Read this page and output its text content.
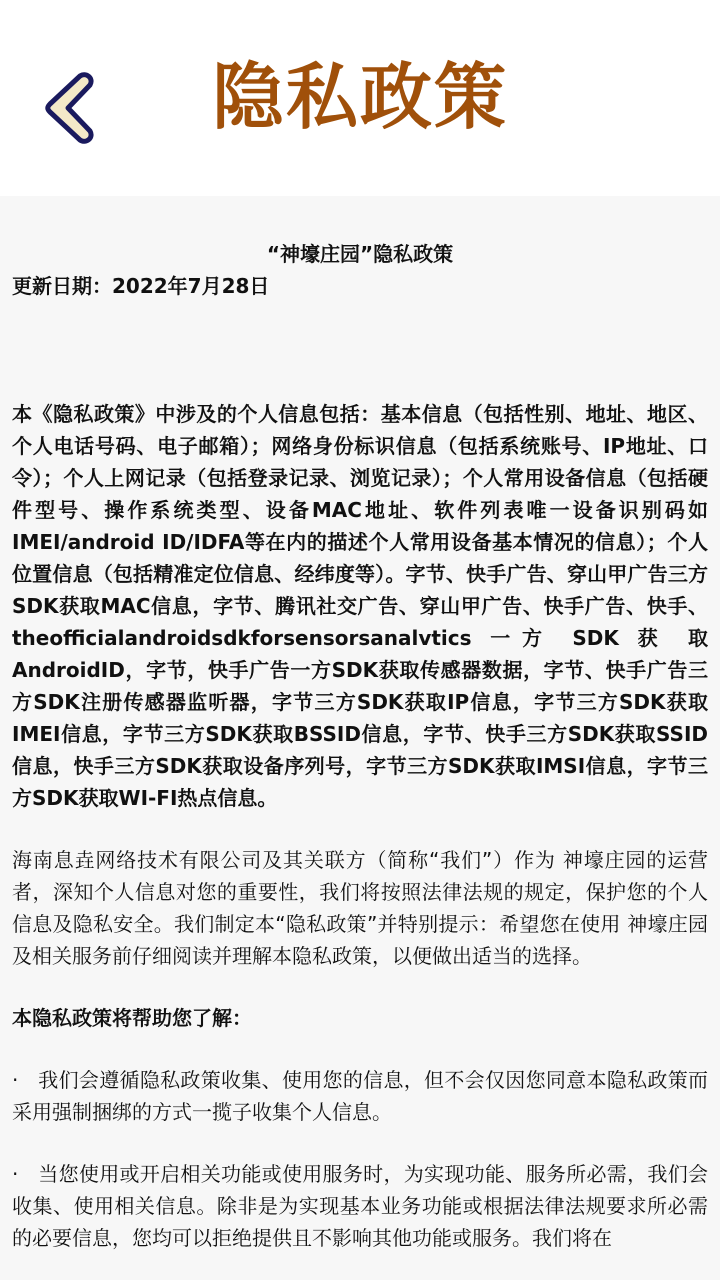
隐私政策

“神壕庄园”隐私政策

更新日期：2022年7月28日

本《隐私政策》中涉及的个人信息包括：基本信息（包括性别、地址、地区、个人电话号码、电子邮箱）；网络身份标识信息（包括系统账号、IP地址、口令）；个人上网记录（包括登录记录、浏览记录）；个人常用设备信息（包括硬件型号、操作系统类型、设备MAC地址、软件列表唯一设备识别码如IMEI/android ID/IDFA等在内的描述个人常用设备基本情况的信息）；个人位置信息（包括精准定位信息、经纬度等）。字节、快手广告、穿山甲广告三方SDK获取MAC信息，字节、腾讯社交广告、穿山甲广告、快手广告、快手、theofficialandroidsdkforsensorsanalvtics 一方 SDK 获 取AndroidID，字节，快手广告一方SDK获取传感器数据，字节、快手广告三方SDK注册传感器监听器，字节三方SDK获取IP信息，字节三方SDK获取IMEI信息，字节三方SDK获取BSSID信息，字节、快手三方SDK获取SSID信息，快手三方SDK获取设备序列号，字节三方SDK获取IMSI信息，字节三方SDK获取WI-FI热点信息。

海南息垚网络技术有限公司及其关联方（简称“我们”）作为 神壕庄园的运营者，深知个人信息对您的重要性，我们将按照法律法规的规定，保护您的个人信息及隐私安全。我们制定本“隐私政策”并特别提示：希望您在使用 神壕庄园及相关服务前仔细阅读并理解本隐私政策，以便做出适当的选择。

本隐私政策将帮助您了解：

· 我们会遵循隐私政策收集、使用您的信息，但不会仅因您同意本隐私政策而采用强制捆绑的方式一揽子收集个人信息。

· 当您使用或开启相关功能或使用服务时，为实现功能、服务所必需，我们会收集、使用相关信息。除非是为实现基本业务功能或根据法律法规要求所必需的必要信息，您均可以拒绝提供且不影响其他功能或服务。我们将在
